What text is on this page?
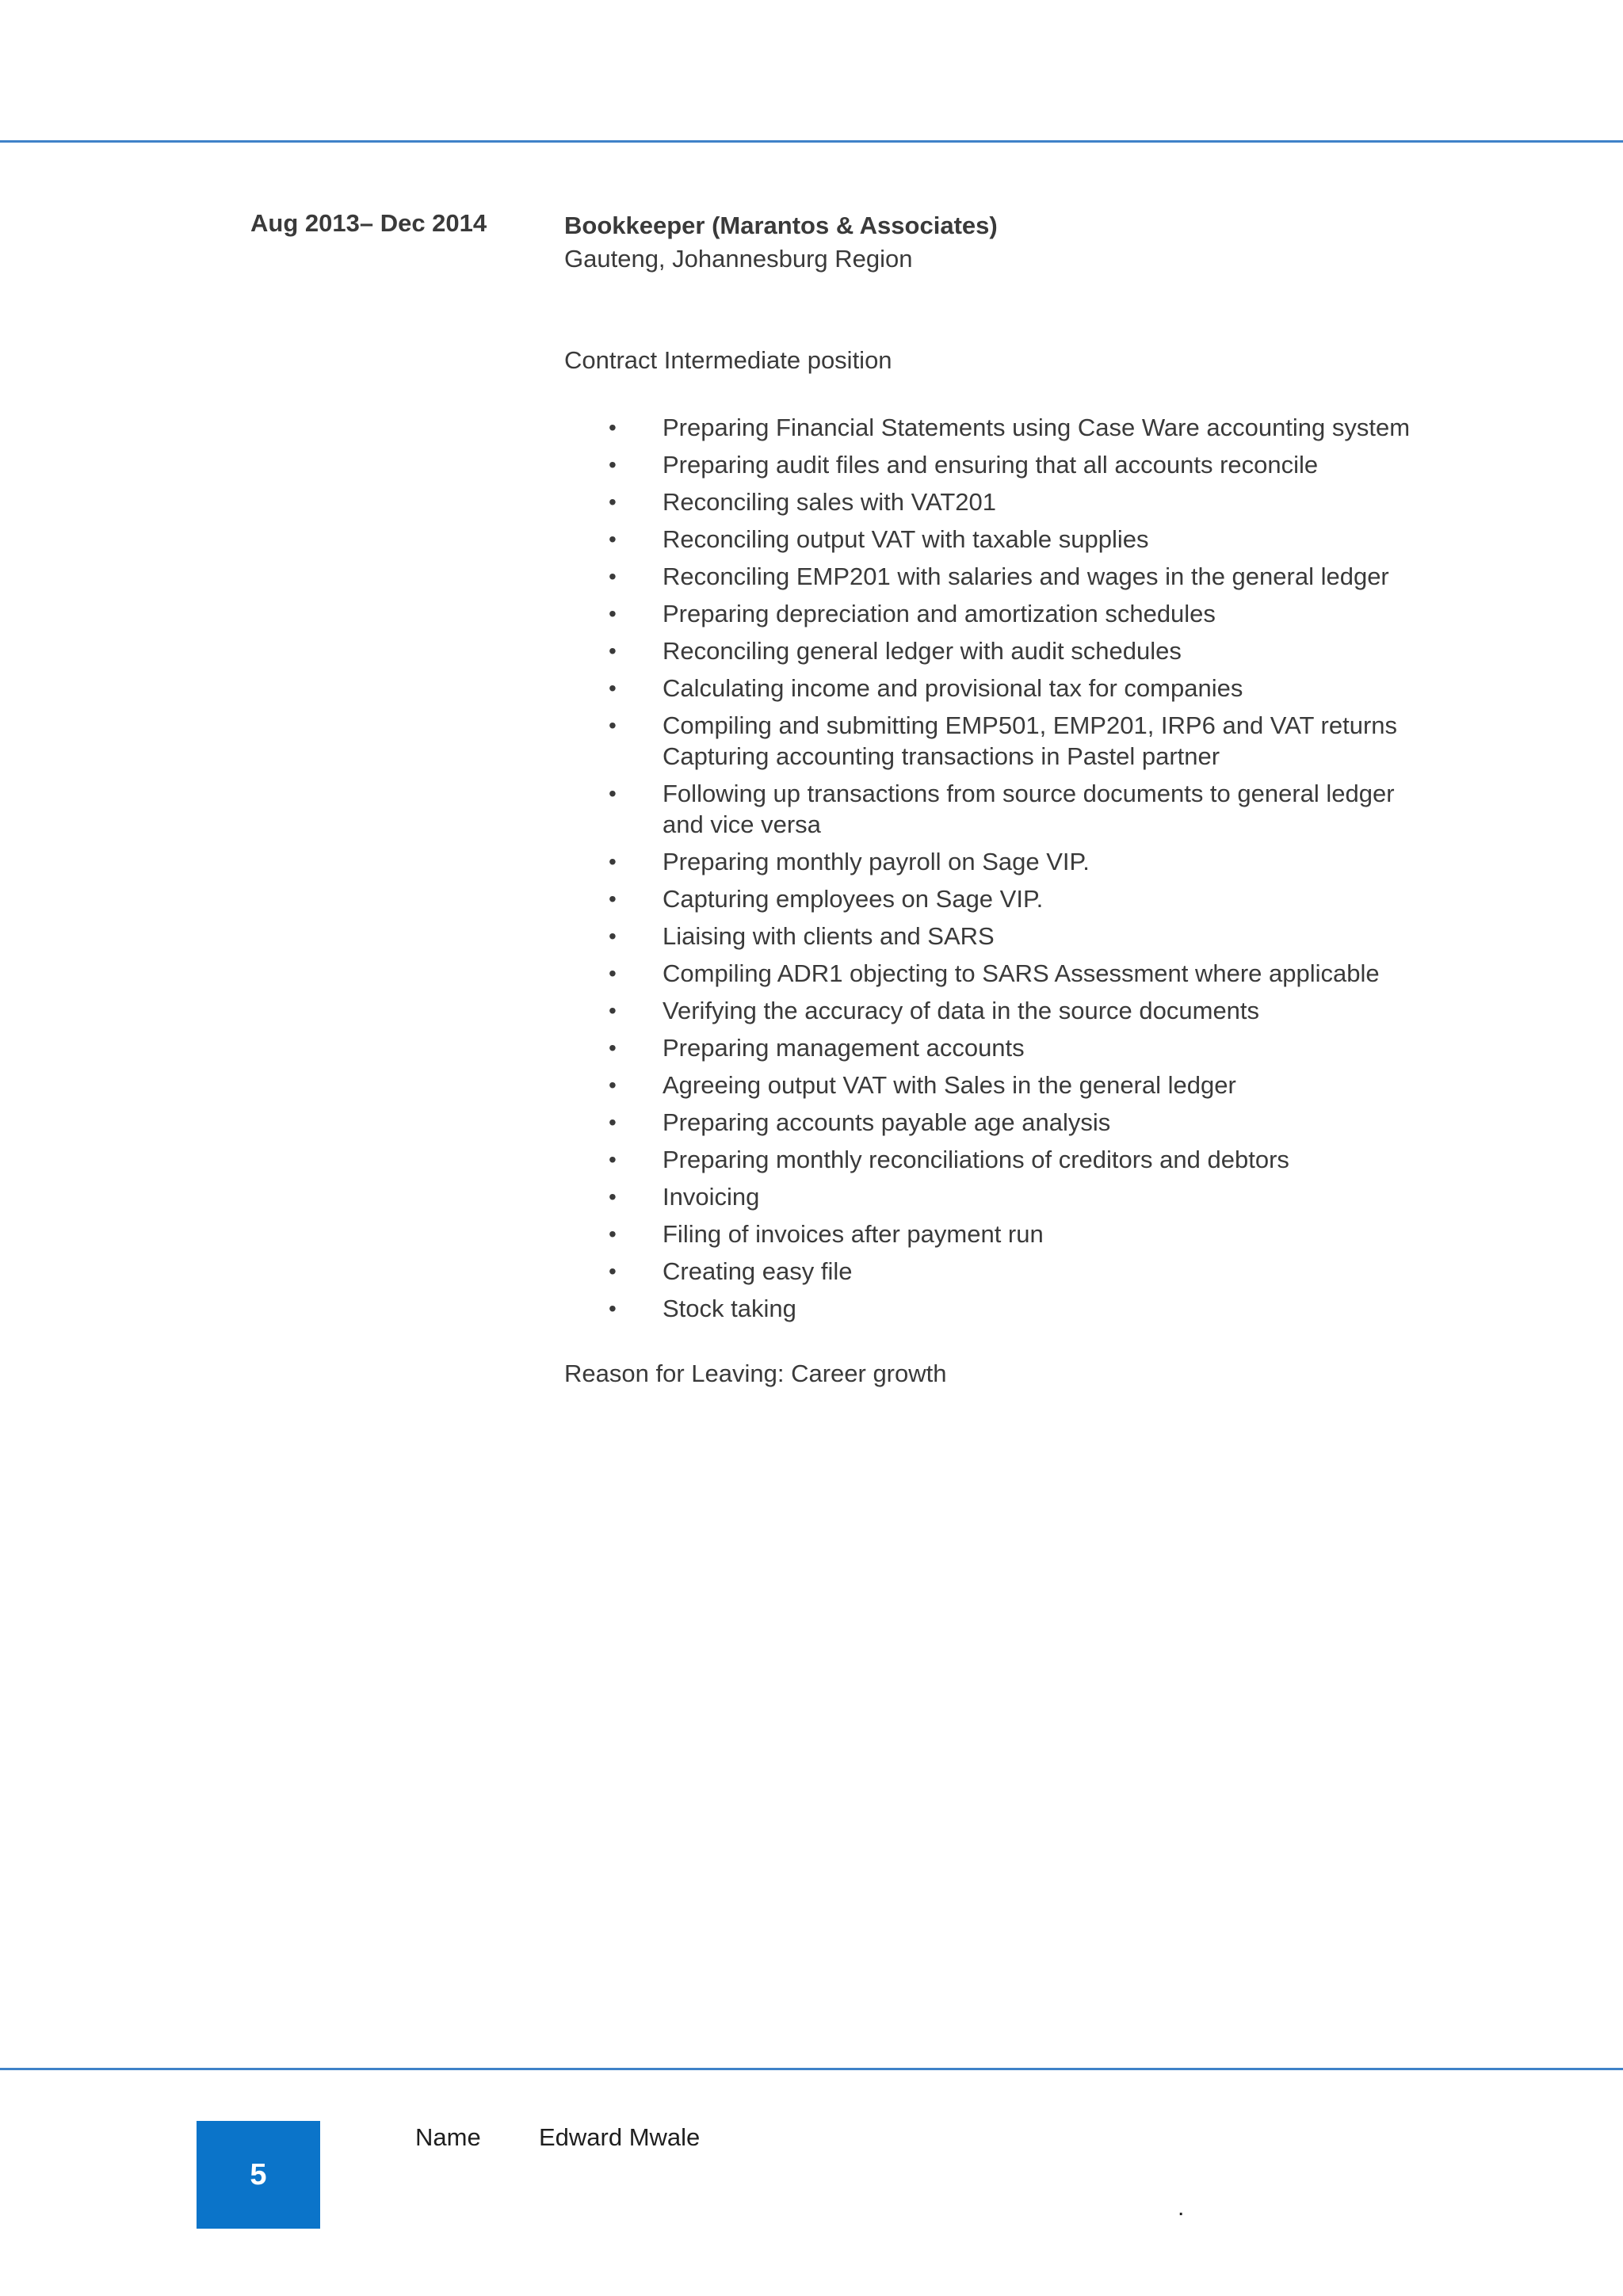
Aug 2013– Dec 2014	Bookkeeper (Marantos & Associates)
Gauteng, Johannesburg Region
Contract Intermediate position
• Preparing Financial Statements using Case Ware accounting system
• Preparing audit files and ensuring that all accounts reconcile
• Reconciling sales with VAT201
• Reconciling output VAT with taxable supplies
• Reconciling EMP201 with salaries and wages in the general ledger
• Preparing depreciation and amortization schedules
• Reconciling general ledger with audit schedules
• Calculating income and provisional tax for companies
• Compiling and submitting EMP501, EMP201, IRP6 and VAT returns Capturing accounting transactions in Pastel partner
• Following up transactions from source documents to general ledger and vice versa
• Preparing monthly payroll on Sage VIP.
• Capturing employees on Sage VIP.
• Liaising with clients and SARS
• Compiling ADR1 objecting to SARS Assessment where applicable
• Verifying the accuracy of data in the source documents
• Preparing management accounts
• Agreeing output VAT with Sales in the general ledger
• Preparing accounts payable age analysis
• Preparing monthly reconciliations of creditors and debtors
• Invoicing
• Filing of invoices after payment run
• Creating easy file
• Stock taking
Reason for Leaving: Career growth
5
Name Edward Mwale
.
